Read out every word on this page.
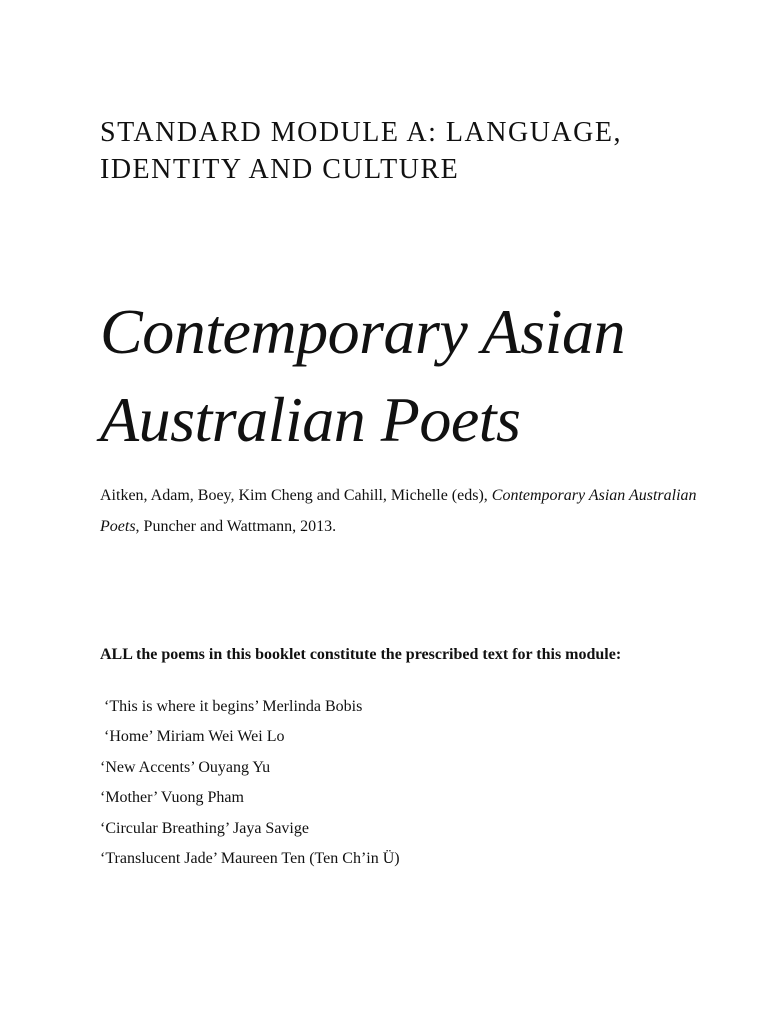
STANDARD MODULE A: LANGUAGE,
IDENTITY AND CULTURE
Contemporary Asian
Australian Poets

Aitken, Adam, Boey, Kim Cheng and Cahill, Michelle (eds), Contemporary Asian Australian Poets, Puncher and Wattmann, 2013.

ALL the poems in this booklet constitute the prescribed text for this module:

‘This is where it begins’ Merlinda Bobis
‘Home’ Miriam Wei Wei Lo
‘New Accents’ Ouyang Yu
‘Mother’ Vuong Pham
‘Circular Breathing’ Jaya Savige
‘Translucent Jade’ Maureen Ten (Ten Ch’in Ü)
